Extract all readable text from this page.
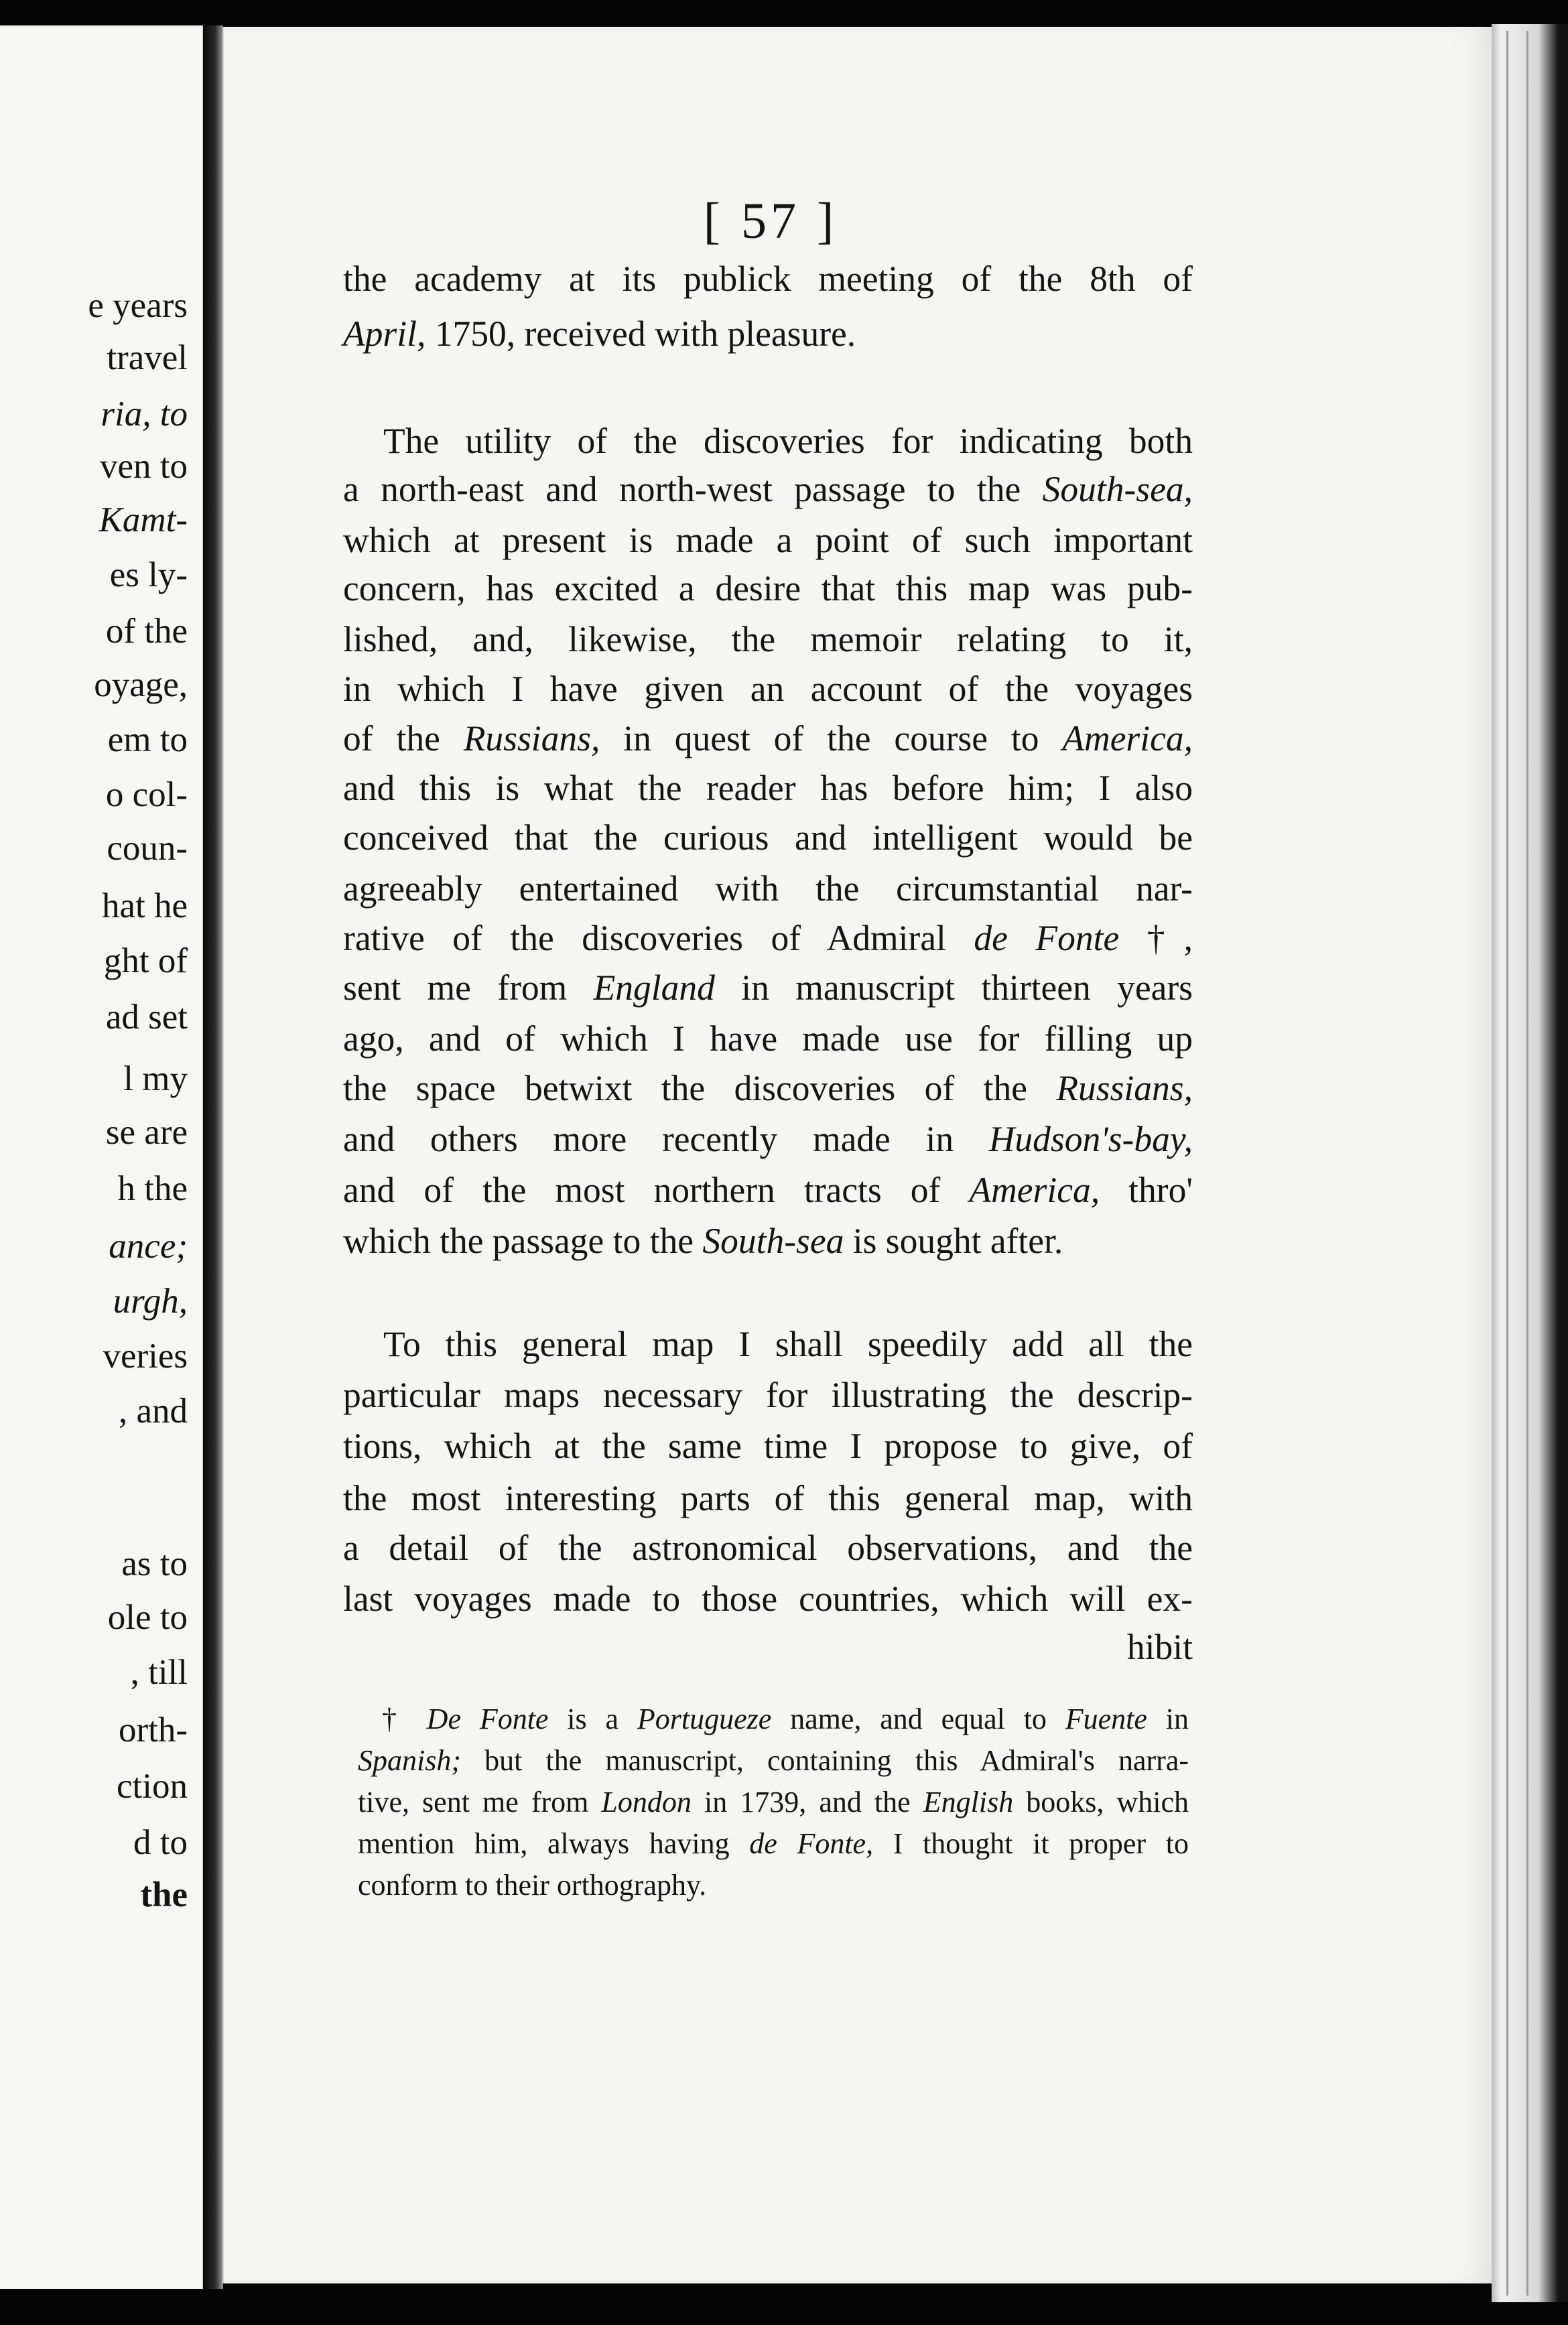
e years
travel
ria, to
ven to
Kamt-
es ly-
of the
oyage,
em to
o col-
coun-
hat he
ght of
ad set
l my
se are
h the
ance;
urgh,
veries
, and
as to
ole to
, till
orth-
ction
d to
the
[ 57 ]
the academy at its publick meeting of the 8th of
April, 1750, received with pleasure.
The utility of the discoveries for indicating both
a north-east and north-west passage to the South-sea,
which at present is made a point of such important
concern, has excited a desire that this map was pub-
lished, and, likewise, the memoir relating to it,
in which I have given an account of the voyages
of the Russians, in quest of the course to America,
and this is what the reader has before him; I also
conceived that the curious and intelligent would be
agreeably entertained with the circumstantial nar-
rative of the discoveries of Admiral de Fonte †,
sent me from England in manuscript thirteen years
ago, and of which I have made use for filling up
the space betwixt the discoveries of the Russians,
and others more recently made in Hudson's-bay,
and of the most northern tracts of America, thro'
which the passage to the South-sea is sought after.
To this general map I shall speedily add all the
particular maps necessary for illustrating the descrip-
tions, which at the same time I propose to give, of
the most interesting parts of this general map, with
a detail of the astronomical observations, and the
last voyages made to those countries, which will ex-
hibit
† De Fonte is a Portugueze name, and equal to Fuente in
Spanish; but the manuscript, containing this Admiral's narra-
tive, sent me from London in 1739, and the English books, which
mention him, always having de Fonte, I thought it proper to
conform to their orthography.
